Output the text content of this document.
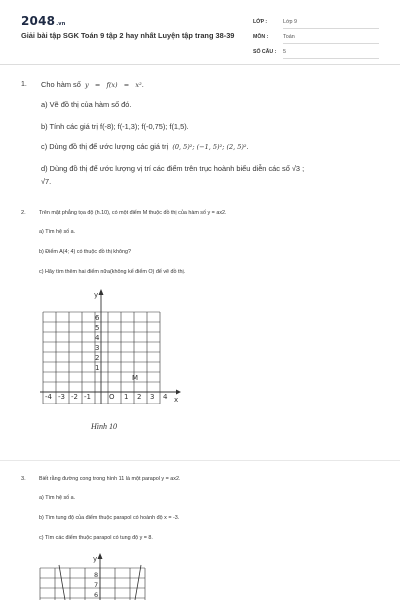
2048.vn
Giải bài tập SGK Toán 9 tập 2 hay nhất Luyện tập trang 38-39
LỚP :	Lớp 9
MÔN :	Toán
SỐ CÂU : 5
1. Cho hàm số y = f(x) = x².
a) Vẽ đồ thị của hàm số đó.
b) Tính các giá trị f(-8); f(-1,3); f(-0,75); f(1,5).
c) Dùng đồ thị để ước lượng các giá trị (0, 5)²; (−1, 5)²; (2, 5)².
d) Dùng đồ thị để ước lượng vị trí các điểm trên trục hoành biểu diễn các số √3 ;
√7.
2. Trên mặt phẳng tọa độ (h.10), có một điểm M thuộc đồ thị của hàm số y = ax2.
a) Tìm hệ số a.
b) Điểm A(4; 4) có thuộc đồ thị không?
c) Hãy tìm thêm hai điểm nữa(không kể điểm O) để vẽ đồ thị.
y
x
6
5
4
3
2
1
-4 -3 -2 -1	O 1 2 3 4
M
Hình 10
3. Biết rằng đường cong trong hình 11 là một parapol y = ax2.
a) Tìm hệ số a.
b) Tìm tung độ của điểm thuộc parapol có hoành độ x = -3.
c) Tìm các điểm thuộc parapol có tung độ y = 8.
y
8
7
6
